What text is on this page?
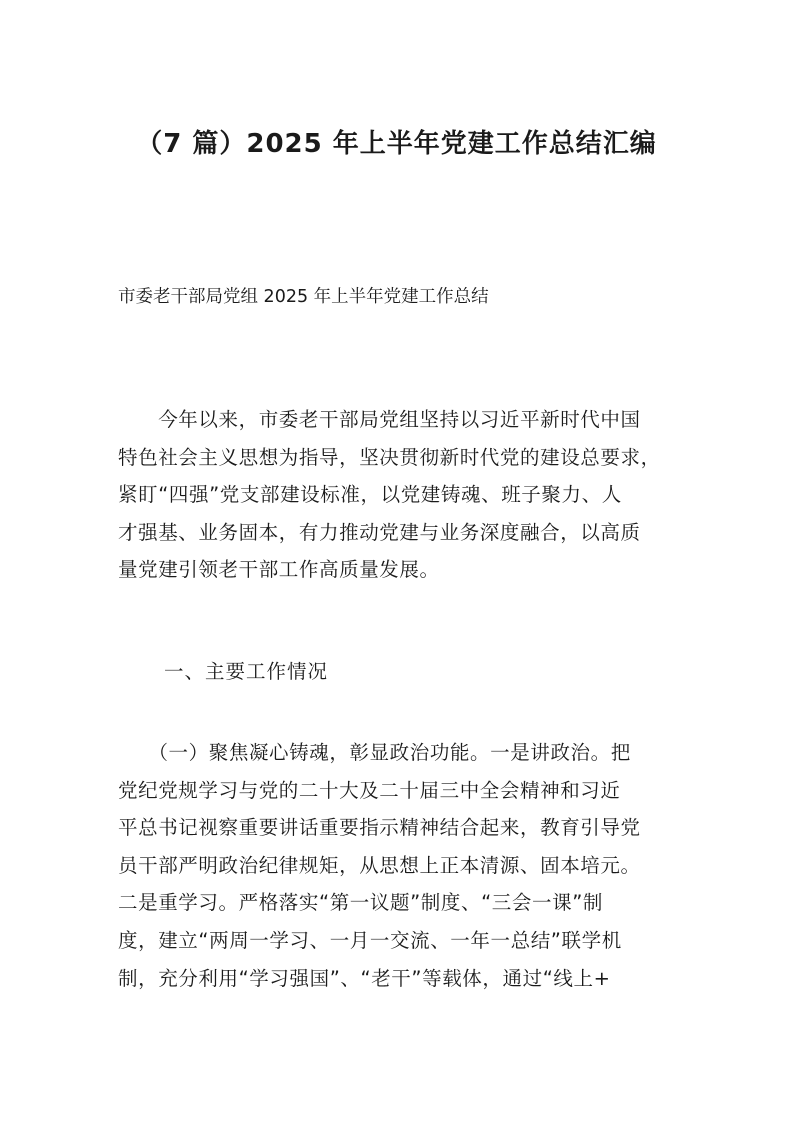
（7 篇）2025 年上半年党建工作总结汇编
市委老干部局党组 2025 年上半年党建工作总结
　　今年以来，市委老干部局党组坚持以习近平新时代中国
特色社会主义思想为指导，坚决贯彻新时代党的建设总要求，
紧盯“四强”党支部建设标准，以党建铸魂、班子聚力、人
才强基、业务固本，有力推动党建与业务深度融合，以高质
量党建引领老干部工作高质量发展。
一、主要工作情况
　　（一）聚焦凝心铸魂，彰显政治功能。一是讲政治。把
党纪党规学习与党的二十大及二十届三中全会精神和习近
平总书记视察重要讲话重要指示精神结合起来，教育引导党
员干部严明政治纪律规矩，从思想上正本清源、固本培元。
二是重学习。严格落实“第一议题”制度、“三会一课”制
度，建立“两周一学习、一月一交流、一年一总结”联学机
制，充分利用“学习强国”、“老干”等载体，通过“线上+
